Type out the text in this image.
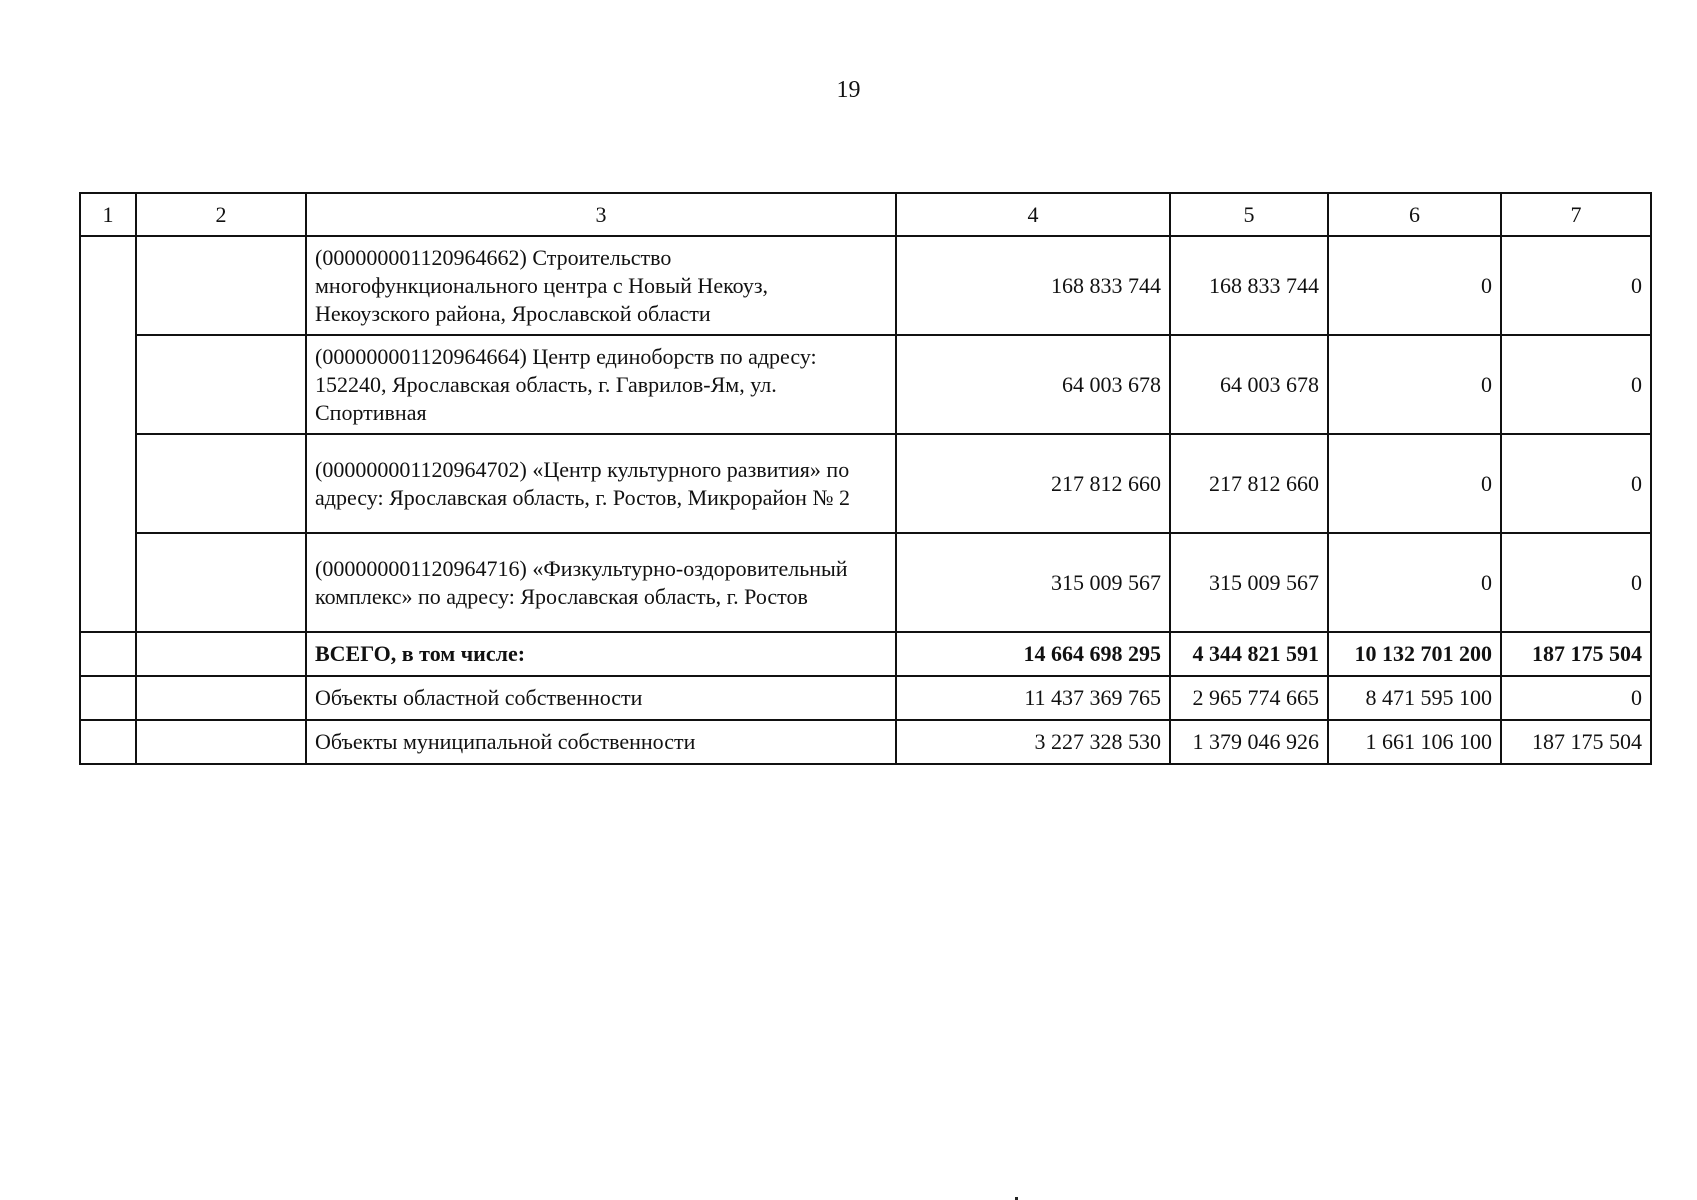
19
1	2	3	4	5	6	7
		(000000001120964662) Строительство многофункционального центра с Новый Некоуз, Некоузского района, Ярославской области	168 833 744	168 833 744	0	0
		(000000001120964664) Центр единоборств по адресу: 152240, Ярославская область, г. Гаврилов-Ям, ул. Спортивная	64 003 678	64 003 678	0	0
		(000000001120964702) «Центр культурного развития» по адресу: Ярославская область, г. Ростов, Микрорайон № 2	217 812 660	217 812 660	0	0
		(000000001120964716) «Физкультурно-оздоровительный комплекс» по адресу: Ярославская область, г. Ростов	315 009 567	315 009 567	0	0
		ВСЕГО, в том числе:	14 664 698 295	4 344 821 591	10 132 701 200	187 175 504
		Объекты областной собственности	11 437 369 765	2 965 774 665	8 471 595 100	0
		Объекты муниципальной собственности	3 227 328 530	1 379 046 926	1 661 106 100	187 175 504
